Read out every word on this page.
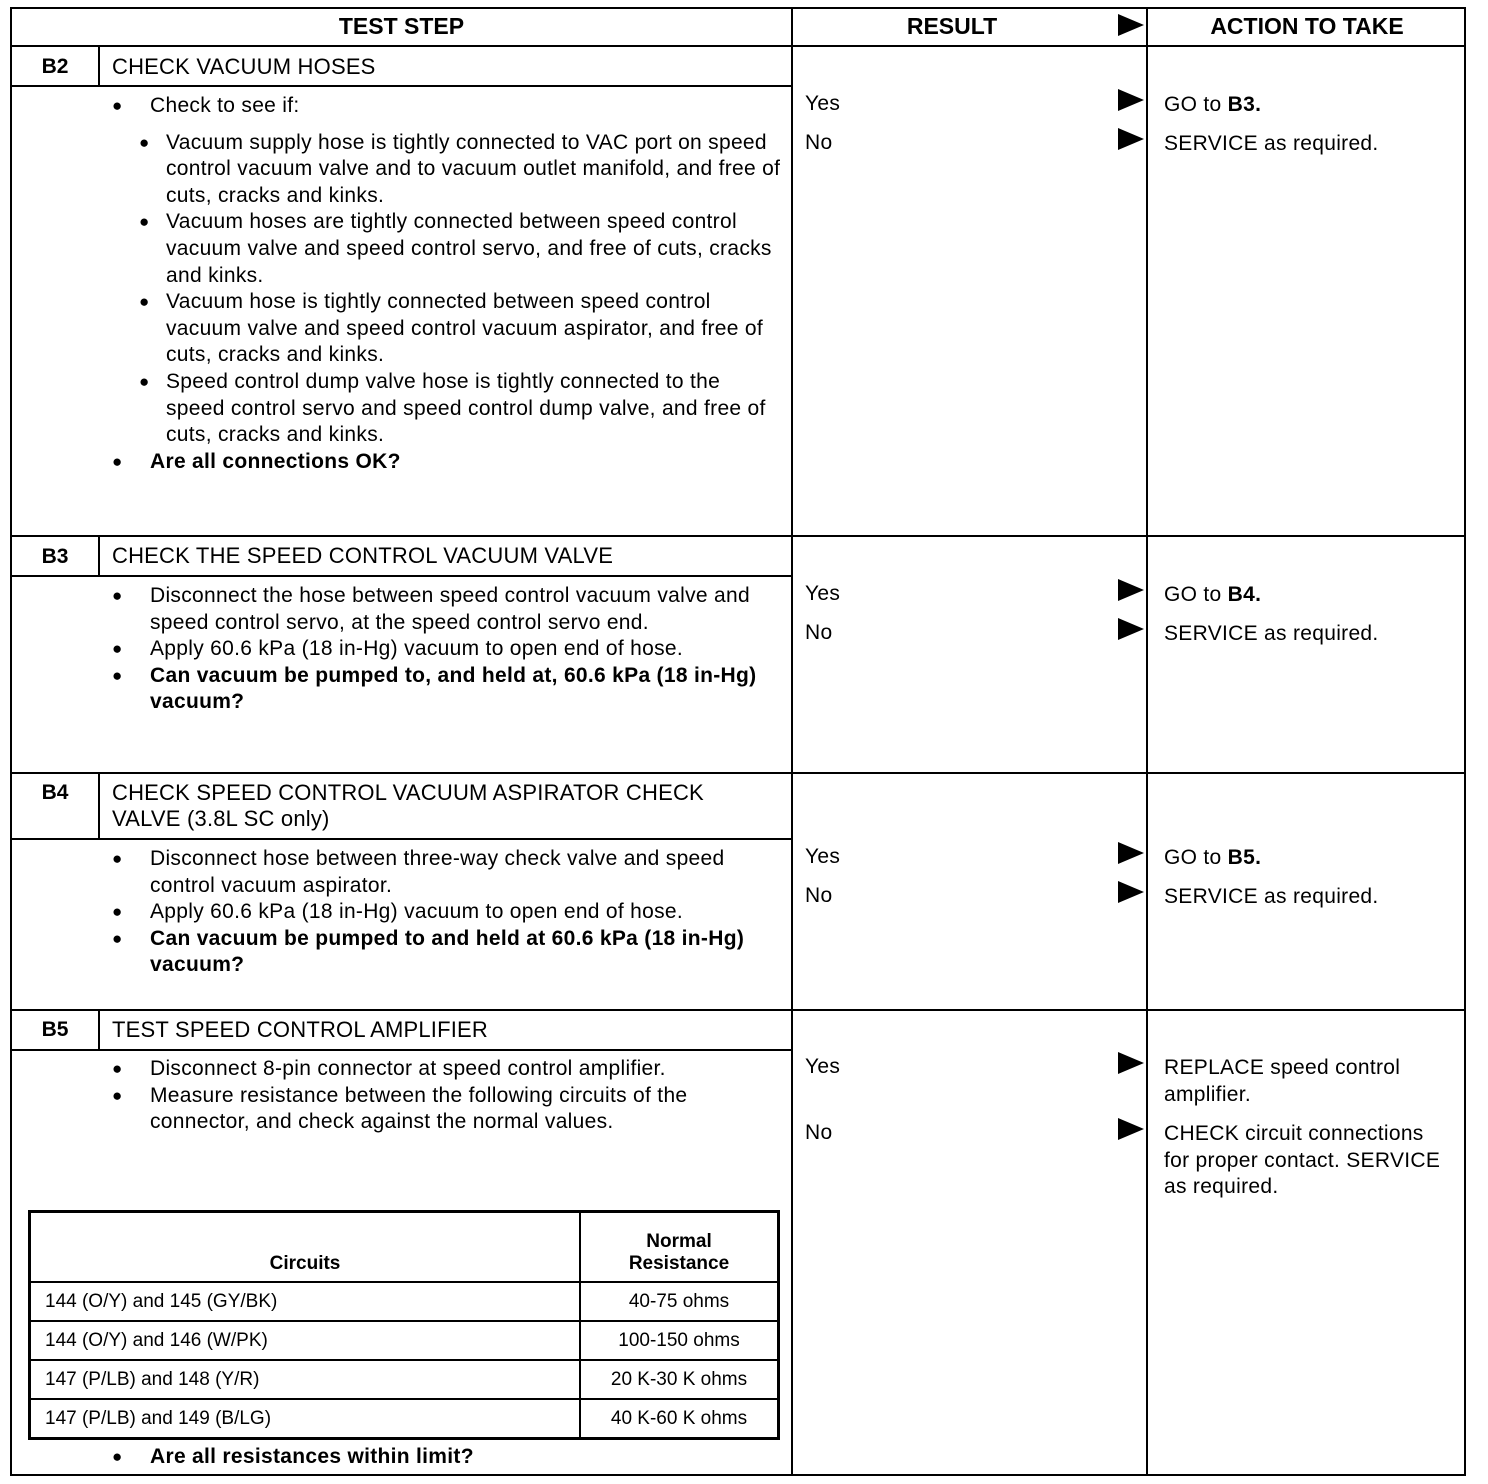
TEST STEP	RESULT	ACTION TO TAKE
B2	CHECK VACUUM HOSES
● Check to see if:
● Vacuum supply hose is tightly connected to VAC port on speed control vacuum valve and to vacuum outlet manifold, and free of cuts, cracks and kinks.
● Vacuum hoses are tightly connected between speed control vacuum valve and speed control servo, and free of cuts, cracks and kinks.
● Vacuum hose is tightly connected between speed control vacuum valve and speed control vacuum aspirator, and free of cuts, cracks and kinks.
● Speed control dump valve hose is tightly connected to the speed control servo and speed control dump valve, and free of cuts, cracks and kinks.
● Are all connections OK?
Yes	GO to B3.
No	SERVICE as required.
B3	CHECK THE SPEED CONTROL VACUUM VALVE
● Disconnect the hose between speed control vacuum valve and speed control servo, at the speed control servo end.
● Apply 60.6 kPa (18 in-Hg) vacuum to open end of hose.
● Can vacuum be pumped to, and held at, 60.6 kPa (18 in-Hg) vacuum?
Yes	GO to B4.
No	SERVICE as required.
B4	CHECK SPEED CONTROL VACUUM ASPIRATOR CHECK VALVE (3.8L SC only)
● Disconnect hose between three-way check valve and speed control vacuum aspirator.
● Apply 60.6 kPa (18 in-Hg) vacuum to open end of hose.
● Can vacuum be pumped to and held at 60.6 kPa (18 in-Hg) vacuum?
Yes	GO to B5.
No	SERVICE as required.
B5	TEST SPEED CONTROL AMPLIFIER
● Disconnect 8-pin connector at speed control amplifier.
● Measure resistance between the following circuits of the connector, and check against the normal values.
Circuits	Normal Resistance
144 (O/Y) and 145 (GY/BK)	40-75 ohms
144 (O/Y) and 146 (W/PK)	100-150 ohms
147 (P/LB) and 148 (Y/R)	20 K-30 K ohms
147 (P/LB) and 149 (B/LG)	40 K-60 K ohms
● Are all resistances within limit?
Yes	REPLACE speed control amplifier.
No	CHECK circuit connections for proper contact. SERVICE as required.
